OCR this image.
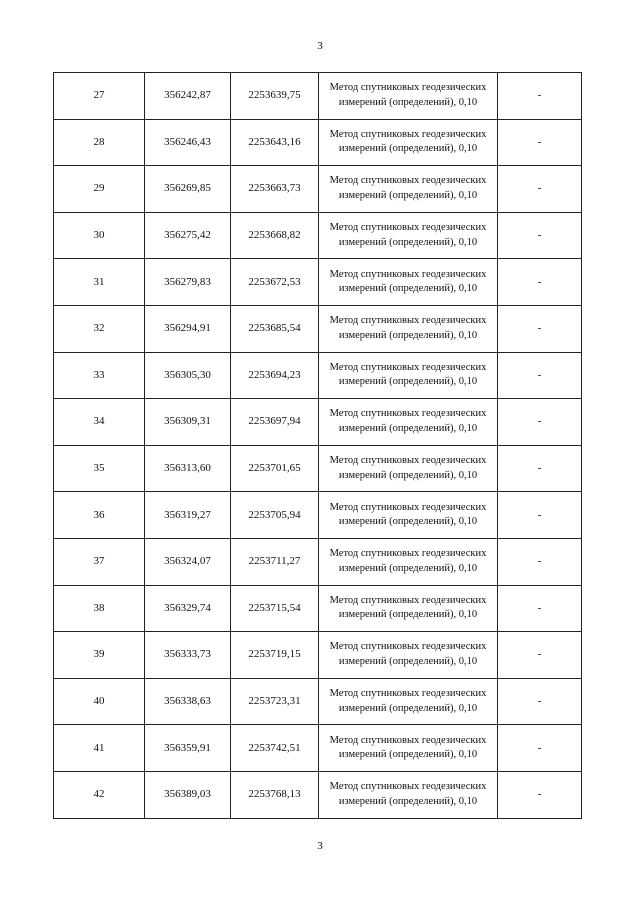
3
27	356242,87	2253639,75	Метод спутниковых геодезических измерений (определений), 0,10	-
28	356246,43	2253643,16	Метод спутниковых геодезических измерений (определений), 0,10	-
29	356269,85	2253663,73	Метод спутниковых геодезических измерений (определений), 0,10	-
30	356275,42	2253668,82	Метод спутниковых геодезических измерений (определений), 0,10	-
31	356279,83	2253672,53	Метод спутниковых геодезических измерений (определений), 0,10	-
32	356294,91	2253685,54	Метод спутниковых геодезических измерений (определений), 0,10	-
33	356305,30	2253694,23	Метод спутниковых геодезических измерений (определений), 0,10	-
34	356309,31	2253697,94	Метод спутниковых геодезических измерений (определений), 0,10	-
35	356313,60	2253701,65	Метод спутниковых геодезических измерений (определений), 0,10	-
36	356319,27	2253705,94	Метод спутниковых геодезических измерений (определений), 0,10	-
37	356324,07	2253711,27	Метод спутниковых геодезических измерений (определений), 0,10	-
38	356329,74	2253715,54	Метод спутниковых геодезических измерений (определений), 0,10	-
39	356333,73	2253719,15	Метод спутниковых геодезических измерений (определений), 0,10	-
40	356338,63	2253723,31	Метод спутниковых геодезических измерений (определений), 0,10	-
41	356359,91	2253742,51	Метод спутниковых геодезических измерений (определений), 0,10	-
42	356389,03	2253768,13	Метод спутниковых геодезических измерений (определений), 0,10	-
3
